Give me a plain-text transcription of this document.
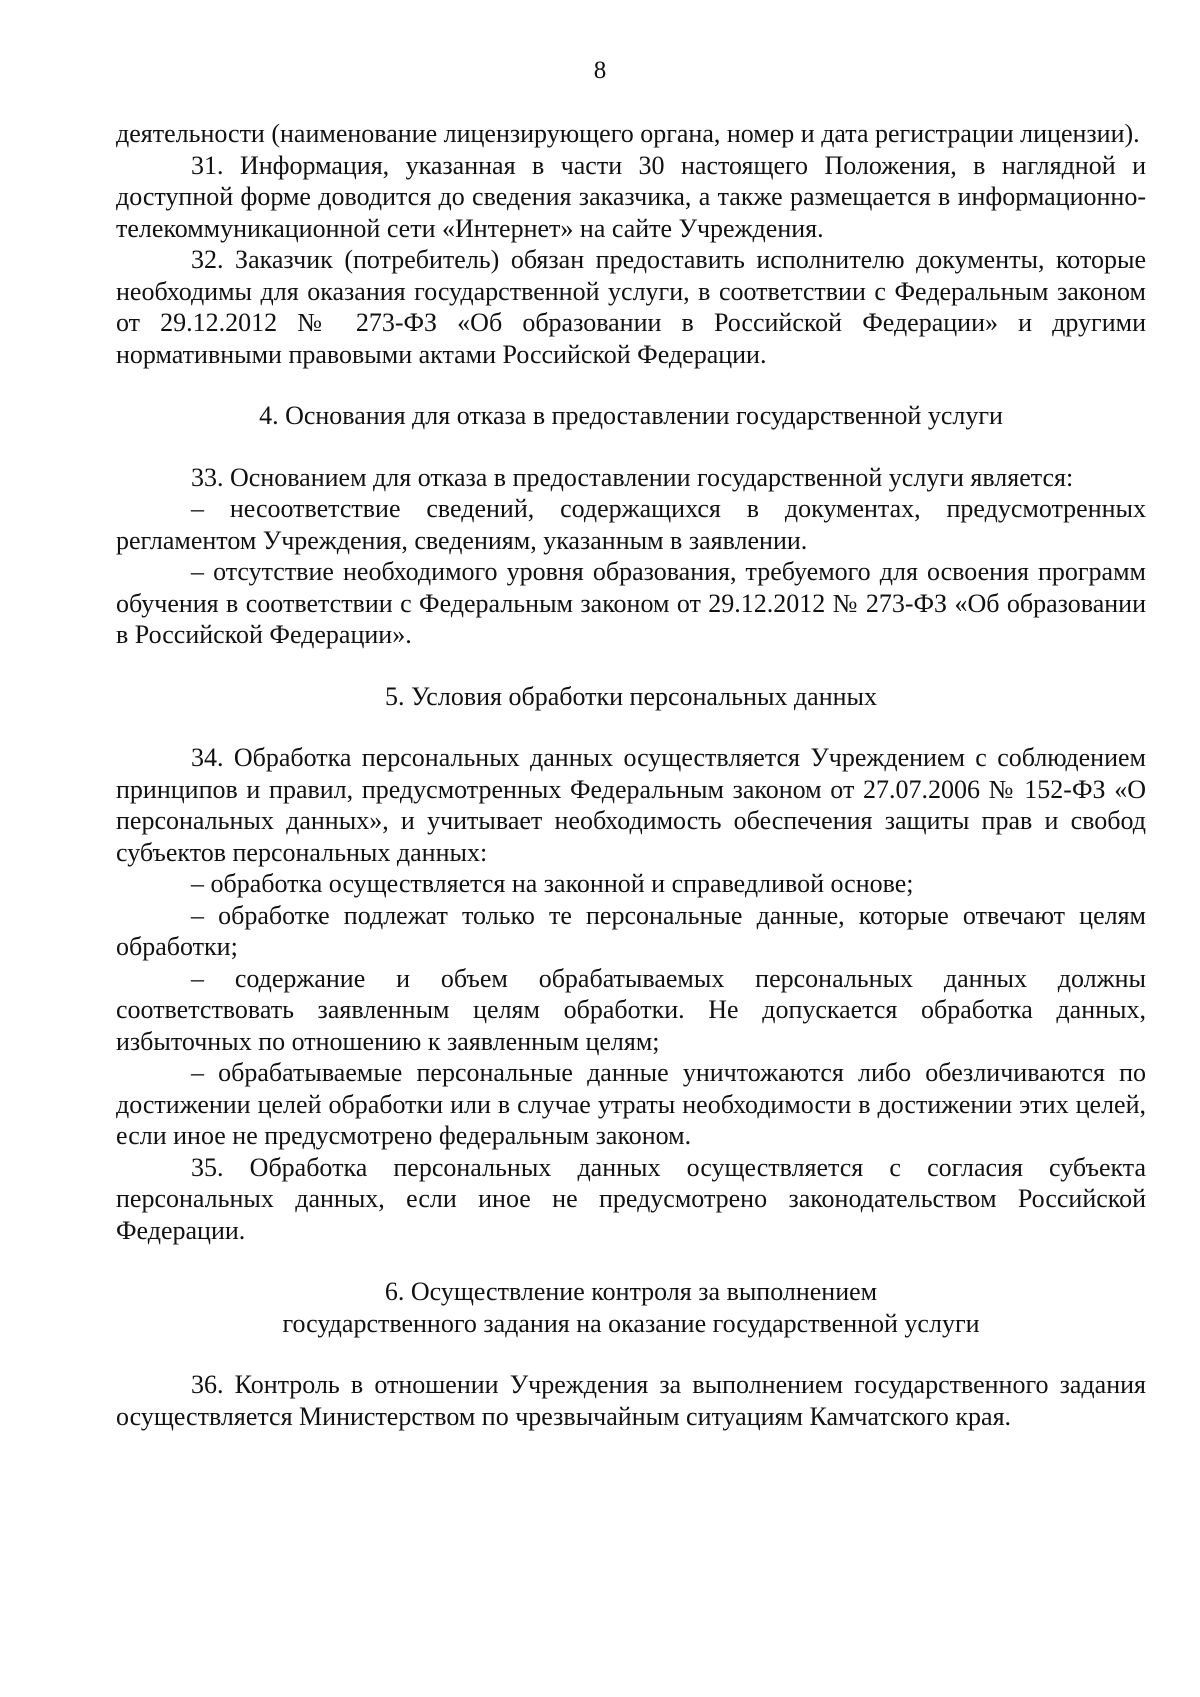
8

деятельности (наименование лицензирующего органа, номер и дата регистрации лицензии).

31. Информация, указанная в части 30 настоящего Положения, в наглядной и доступной форме доводится до сведения заказчика, а также размещается в информационно-телекоммуникационной сети «Интернет» на сайте Учреждения.

32. Заказчик (потребитель) обязан предоставить исполнителю документы, которые необходимы для оказания государственной услуги, в соответствии с Федеральным законом от 29.12.2012 № 273-ФЗ «Об образовании в Российской Федерации» и другими нормативными правовыми актами Российской Федерации.

4. Основания для отказа в предоставлении государственной услуги

33. Основанием для отказа в предоставлении государственной услуги является:

– несоответствие сведений, содержащихся в документах, предусмотренных регламентом Учреждения, сведениям, указанным в заявлении.

– отсутствие необходимого уровня образования, требуемого для освоения программ обучения в соответствии с Федеральным законом от 29.12.2012 № 273-ФЗ «Об образовании в Российской Федерации».

5. Условия обработки персональных данных

34. Обработка персональных данных осуществляется Учреждением с соблюдением принципов и правил, предусмотренных Федеральным законом от 27.07.2006 № 152-ФЗ «О персональных данных», и учитывает необходимость обеспечения защиты прав и свобод субъектов персональных данных:

– обработка осуществляется на законной и справедливой основе;

– обработке подлежат только те персональные данные, которые отвечают целям обработки;

– содержание и объем обрабатываемых персональных данных должны соответствовать заявленным целям обработки. Не допускается обработка данных, избыточных по отношению к заявленным целям;

– обрабатываемые персональные данные уничтожаются либо обезличиваются по достижении целей обработки или в случае утраты необходимости в достижении этих целей, если иное не предусмотрено федеральным законом.

35. Обработка персональных данных осуществляется с согласия субъекта персональных данных, если иное не предусмотрено законодательством Российской Федерации.

6. Осуществление контроля за выполнением
государственного задания на оказание государственной услуги

36. Контроль в отношении Учреждения за выполнением государственного задания осуществляется Министерством по чрезвычайным ситуациям Камчатского края.
